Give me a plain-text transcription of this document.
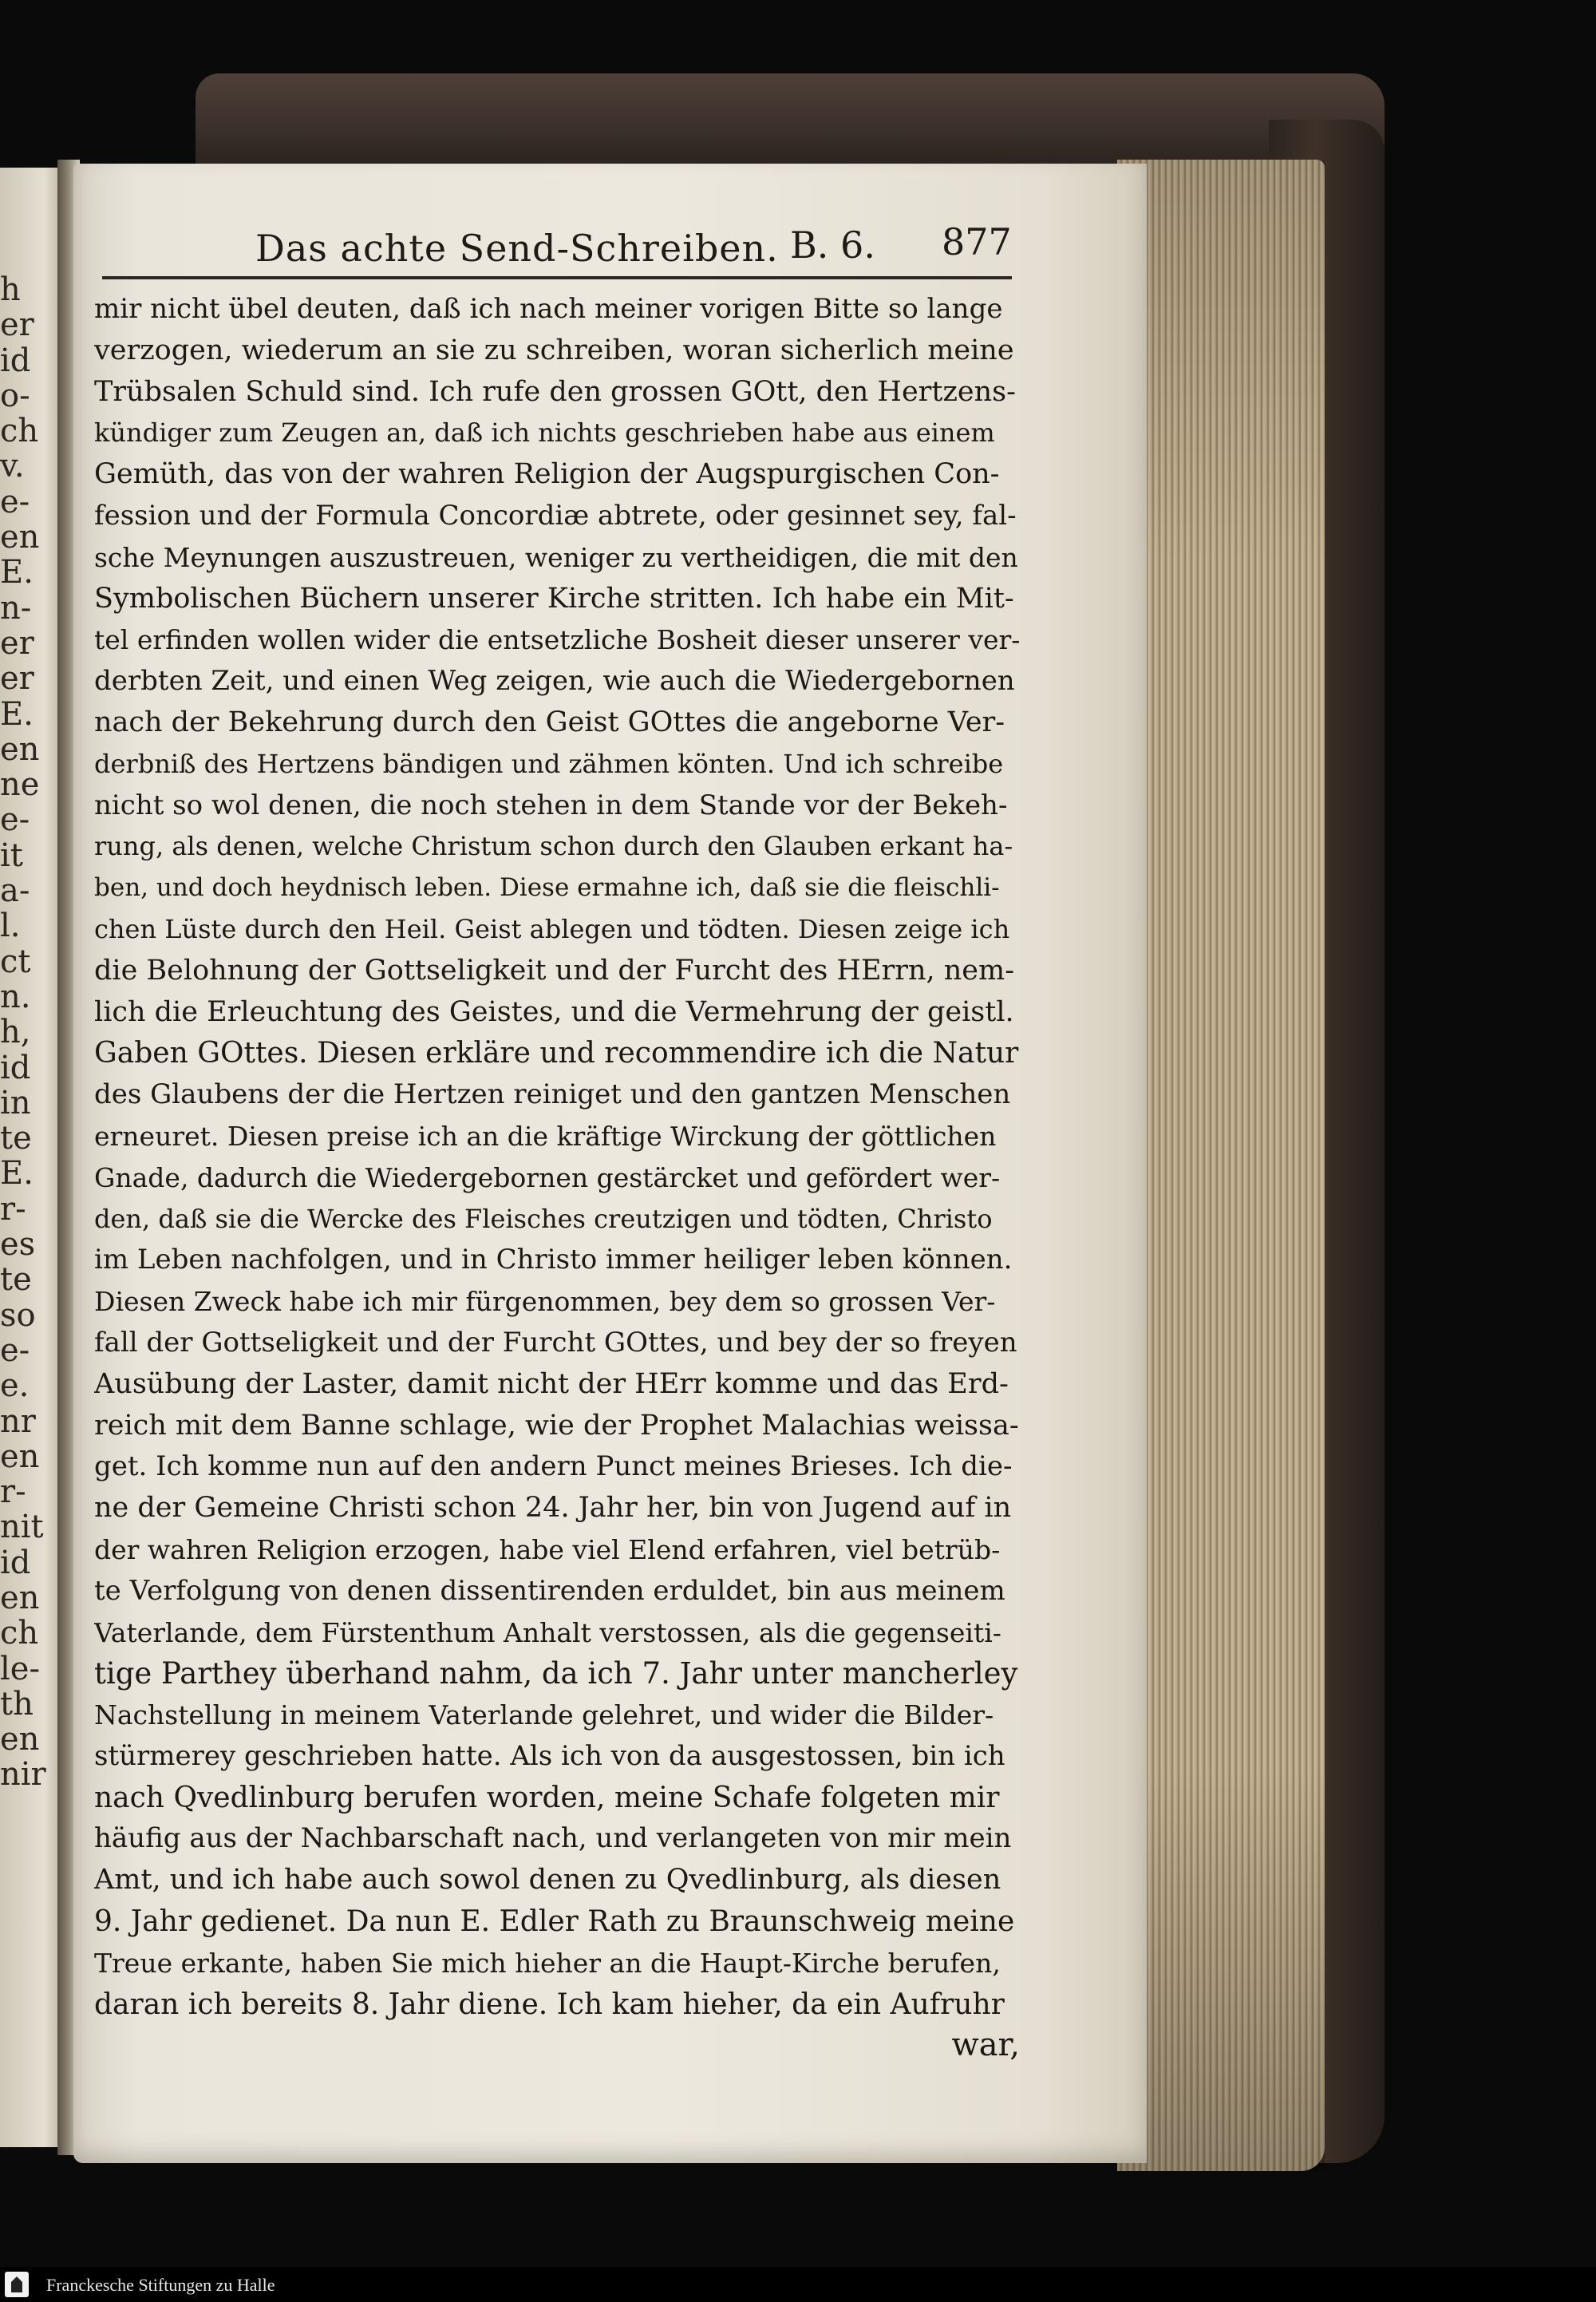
h
er
id
o-
ch
v.
e-
en
E.
n-
er
er
E.
en
ne
e-
it
a-
l.
ct
n.
h,
id
in
te
E.
r-
es
te
so
e-
e.
nr
en
r-
nit
id
en
ch
le-
th
en
nir
Das achte Send-Schreiben. B. 6. 877
mir nicht übel deuten, daß ich nach meiner vorigen Bitte so lange
verzogen, wiederum an sie zu schreiben, woran sicherlich meine
Trübsalen Schuld sind. Ich rufe den grossen GOtt, den Hertzens-
kündiger zum Zeugen an, daß ich nichts geschrieben habe aus einem
Gemüth, das von der wahren Religion der Augspurgischen Con-
fession und der Formula Concordiæ abtrete, oder gesinnet sey, fal-
sche Meynungen auszustreuen, weniger zu vertheidigen, die mit den
Symbolischen Büchern unserer Kirche stritten. Ich habe ein Mit-
tel erfinden wollen wider die entsetzliche Bosheit dieser unserer ver-
derbten Zeit, und einen Weg zeigen, wie auch die Wiedergebornen
nach der Bekehrung durch den Geist GOttes die angeborne Ver-
derbniß des Hertzens bändigen und zähmen könten. Und ich schreibe
nicht so wol denen, die noch stehen in dem Stande vor der Bekeh-
rung, als denen, welche Christum schon durch den Glauben erkant ha-
ben, und doch heydnisch leben. Diese ermahne ich, daß sie die fleischli-
chen Lüste durch den Heil. Geist ablegen und tödten. Diesen zeige ich
die Belohnung der Gottseligkeit und der Furcht des HErrn, nem-
lich die Erleuchtung des Geistes, und die Vermehrung der geistl.
Gaben GOttes. Diesen erkläre und recommendire ich die Natur
des Glaubens der die Hertzen reiniget und den gantzen Menschen
erneuret. Diesen preise ich an die kräftige Wirckung der göttlichen
Gnade, dadurch die Wiedergebornen gestärcket und gefördert wer-
den, daß sie die Wercke des Fleisches creutzigen und tödten, Christo
im Leben nachfolgen, und in Christo immer heiliger leben können.
Diesen Zweck habe ich mir fürgenommen, bey dem so grossen Ver-
fall der Gottseligkeit und der Furcht GOttes, und bey der so freyen
Ausübung der Laster, damit nicht der HErr komme und das Erd-
reich mit dem Banne schlage, wie der Prophet Malachias weissa-
get. Ich komme nun auf den andern Punct meines Brieses. Ich die-
ne der Gemeine Christi schon 24. Jahr her, bin von Jugend auf in
der wahren Religion erzogen, habe viel Elend erfahren, viel betrüb-
te Verfolgung von denen dissentirenden erduldet, bin aus meinem
Vaterlande, dem Fürstenthum Anhalt verstossen, als die gegenseiti-
tige Parthey überhand nahm, da ich 7. Jahr unter mancherley
Nachstellung in meinem Vaterlande gelehret, und wider die Bilder-
stürmerey geschrieben hatte. Als ich von da ausgestossen, bin ich
nach Qvedlinburg berufen worden, meine Schafe folgeten mir
häufig aus der Nachbarschaft nach, und verlangeten von mir mein
Amt, und ich habe auch sowol denen zu Qvedlinburg, als diesen
9. Jahr gedienet. Da nun E. Edler Rath zu Braunschweig meine
Treue erkante, haben Sie mich hieher an die Haupt-Kirche berufen,
daran ich bereits 8. Jahr diene. Ich kam hieher, da ein Aufruhr
war,
Franckesche Stiftungen zu Halle
